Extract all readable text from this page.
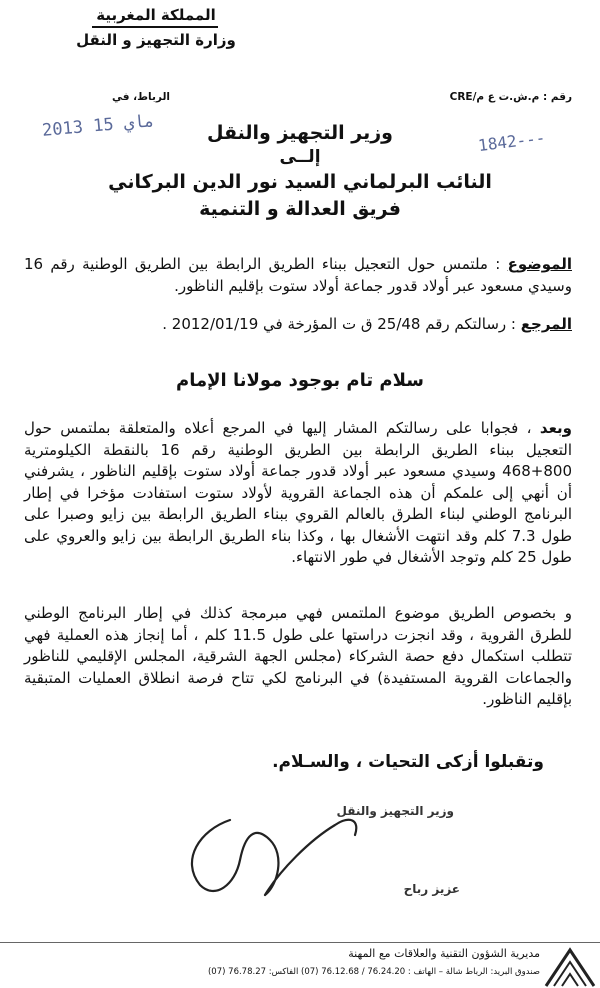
المملكة المغربية
وزارة التجهيز و النقل
رقم : م.ش.ت ع م/CRE
الرباط، في
2013 15 ماي
1842---
وزير التجهيز والنقل
إلــى
النائب البرلماني السيد نور الدين البركاني
فريق العدالة و التنمية
الموضوع : ملتمس حول التعجيل ببناء الطريق الرابطة بين الطريق الوطنية رقم 16 وسيدي مسعود عبر أولاد قدور جماعة أولاد ستوت بإقليم الناظور.
المرجع : رسالتكم رقم 25/48 ق ت المؤرخة في 2012/01/19 .
سلام تام بوجود مولانا الإمام
وبعد ، فجوابا على رسالتكم المشار إليها في المرجع أعلاه والمتعلقة بملتمس حول التعجيل ببناء الطريق الرابطة بين الطريق الوطنية رقم 16 بالنقطة الكيلومترية 800+468 وسيدي مسعود عبر أولاد قدور جماعة أولاد ستوت بإقليم الناظور ، يشرفني أن أنهي إلى علمكم أن هذه الجماعة القروية لأولاد ستوت استفادت مؤخرا في إطار البرنامج الوطني لبناء الطرق بالعالم القروي ببناء الطريق الرابطة بين زايو وصبرا على طول 7.3 كلم وقد انتهت الأشغال بها ، وكذا بناء الطريق الرابطة بين زايو والعروي على طول 25 كلم وتوجد الأشغال في طور الانتهاء.
و بخصوص الطريق موضوع الملتمس فهي مبرمجة كذلك في إطار البرنامج الوطني للطرق القروية ، وقد انجزت دراستها على طول 11.5 كلم ، أما إنجاز هذه العملية فهي تتطلب استكمال دفع حصة الشركاء (مجلس الجهة الشرقية، المجلس الإقليمي للناظور والجماعات القروية المستفيدة) في البرنامج لكي تتاح فرصة انطلاق العمليات المتبقية بإقليم الناظور.
وتقبلوا أزكى التحيات ، والسـلام.
وزير التجهيز والنقل
عزيز رباح
مديرية الشؤون التقنية والعلاقات مع المهنة
صندوق البريد: الرباط شالة – الهاتف : 76.24.20 / 76.12.68 (07) الفاكس: 76.78.27 (07)
